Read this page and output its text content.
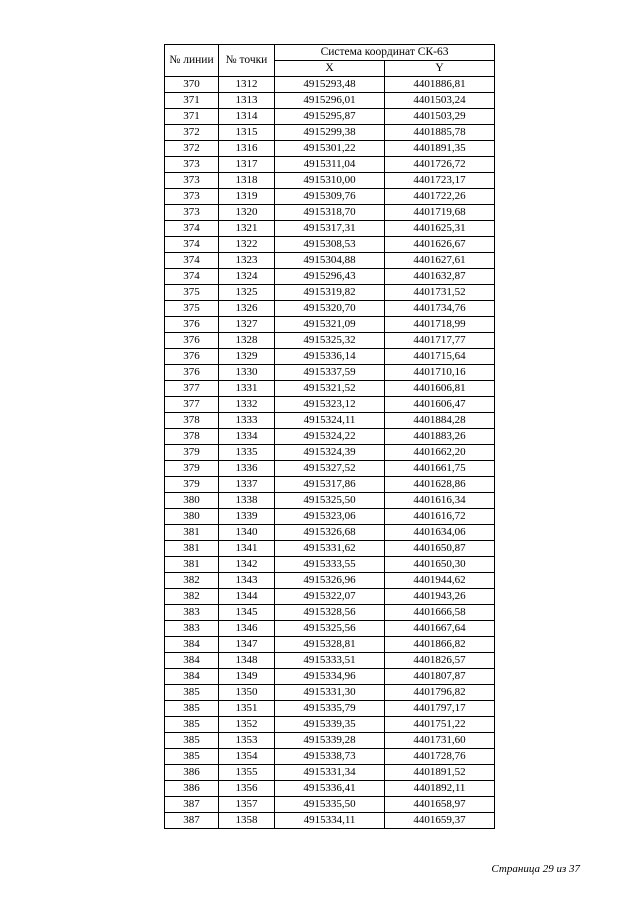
№ линии	№ точки	Система координат СК-63	
		X	Y
370	1312	4915293,48	4401886,81
371	1313	4915296,01	4401503,24
371	1314	4915295,87	4401503,29
372	1315	4915299,38	4401885,78
372	1316	4915301,22	4401891,35
373	1317	4915311,04	4401726,72
373	1318	4915310,00	4401723,17
373	1319	4915309,76	4401722,26
373	1320	4915318,70	4401719,68
374	1321	4915317,31	4401625,31
374	1322	4915308,53	4401626,67
374	1323	4915304,88	4401627,61
374	1324	4915296,43	4401632,87
375	1325	4915319,82	4401731,52
375	1326	4915320,70	4401734,76
376	1327	4915321,09	4401718,99
376	1328	4915325,32	4401717,77
376	1329	4915336,14	4401715,64
376	1330	4915337,59	4401710,16
377	1331	4915321,52	4401606,81
377	1332	4915323,12	4401606,47
378	1333	4915324,11	4401884,28
378	1334	4915324,22	4401883,26
379	1335	4915324,39	4401662,20
379	1336	4915327,52	4401661,75
379	1337	4915317,86	4401628,86
380	1338	4915325,50	4401616,34
380	1339	4915323,06	4401616,72
381	1340	4915326,68	4401634,06
381	1341	4915331,62	4401650,87
381	1342	4915333,55	4401650,30
382	1343	4915326,96	4401944,62
382	1344	4915322,07	4401943,26
383	1345	4915328,56	4401666,58
383	1346	4915325,56	4401667,64
384	1347	4915328,81	4401866,82
384	1348	4915333,51	4401826,57
384	1349	4915334,96	4401807,87
385	1350	4915331,30	4401796,82
385	1351	4915335,79	4401797,17
385	1352	4915339,35	4401751,22
385	1353	4915339,28	4401731,60
385	1354	4915338,73	4401728,76
386	1355	4915331,34	4401891,52
386	1356	4915336,41	4401892,11
387	1357	4915335,50	4401658,97
387	1358	4915334,11	4401659,37
Страница 29 из 37
